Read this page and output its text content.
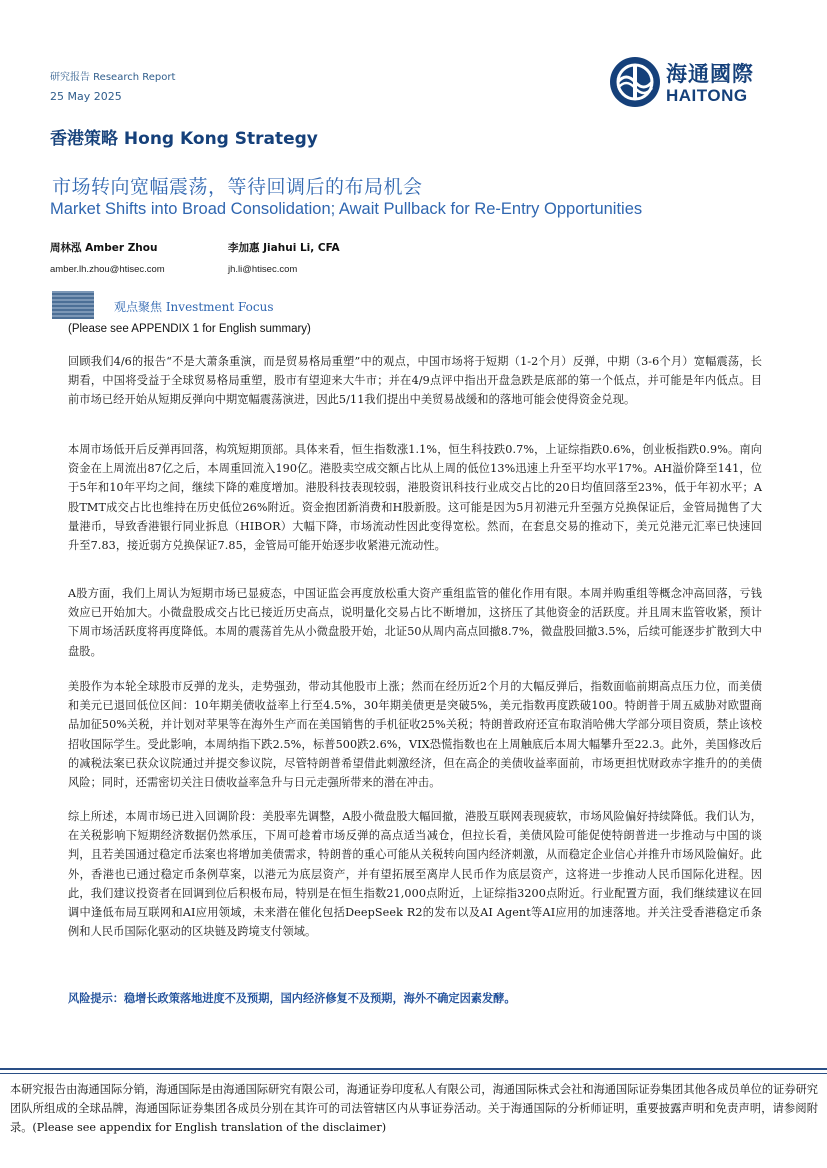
研究报告 Research Report
25 May 2025
海通國際
HAITONG
香港策略 Hong Kong Strategy
市场转向宽幅震荡，等待回调后的布局机会
Market Shifts into Broad Consolidation; Await Pullback for Re-Entry Opportunities
周林泓 Amber Zhou	李加惠 Jiahui Li, CFA
amber.lh.zhou@htisec.com	jh.li@htisec.com
观点聚焦 Investment Focus
(Please see APPENDIX 1 for English summary)

回顾我们4/6的报告“不是大萧条重演，而是贸易格局重塑”中的观点，中国市场将于短期（1-2个月）反弹，中期（3-6个月）宽幅震荡，长期看，中国将受益于全球贸易格局重塑，股市有望迎来大牛市；并在4/9点评中指出开盘急跌是底部的第一个低点，并可能是年内低点。目前市场已经开始从短期反弹向中期宽幅震荡演进，因此5/11我们提出中美贸易战缓和的落地可能会使得资金兑现。

本周市场低开后反弹再回落，构筑短期顶部。具体来看，恒生指数涨1.1%，恒生科技跌0.7%，上证综指跌0.6%，创业板指跌0.9%。南向资金在上周流出87亿之后，本周重回流入190亿。港股卖空成交额占比从上周的低位13%迅速上升至平均水平17%。AH溢价降至141，位于5年和10年平均之间，继续下降的难度增加。港股科技表现较弱，港股资讯科技行业成交占比的20日均值回落至23%，低于年初水平；A股TMT成交占比也维持在历史低位26%附近。资金抱团新消费和H股新股。这可能是因为5月初港元升至强方兑换保证后，金管局抛售了大量港币，导致香港银行同业拆息（HIBOR）大幅下降，市场流动性因此变得宽松。然而，在套息交易的推动下，美元兑港元汇率已快速回升至7.83，接近弱方兑换保证7.85，金管局可能开始逐步收紧港元流动性。

A股方面，我们上周认为短期市场已显疲态，中国证监会再度放松重大资产重组监管的催化作用有限。本周并购重组等概念冲高回落，亏钱效应已开始加大。小微盘股成交占比已接近历史高点，说明量化交易占比不断增加，这挤压了其他资金的活跃度。并且周末监管收紧，预计下周市场活跃度将再度降低。本周的震荡首先从小微盘股开始，北证50从周内高点回撤8.7%，微盘股回撤3.5%，后续可能逐步扩散到大中盘股。

美股作为本轮全球股市反弹的龙头，走势强劲，带动其他股市上涨；然而在经历近2个月的大幅反弹后，指数面临前期高点压力位，而美债和美元已退回低位区间：10年期美债收益率上行至4.5%，30年期美债更是突破5%，美元指数再度跌破100。特朗普于周五威胁对欧盟商品加征50%关税，并计划对苹果等在海外生产而在美国销售的手机征收25%关税；特朗普政府还宣布取消哈佛大学部分项目资质，禁止该校招收国际学生。受此影响，本周纳指下跌2.5%，标普500跌2.6%，VIX恐慌指数也在上周触底后本周大幅攀升至22.3。此外，美国修改后的减税法案已获众议院通过并提交参议院，尽管特朗普希望借此刺激经济，但在高企的美债收益率面前，市场更担忧财政赤字推升的的美债风险；同时，还需密切关注日债收益率急升与日元走强所带来的潜在冲击。

综上所述，本周市场已进入回调阶段：美股率先调整，A股小微盘股大幅回撤，港股互联网表现疲软，市场风险偏好持续降低。我们认为，在关税影响下短期经济数据仍然承压，下周可趁着市场反弹的高点适当减仓，但拉长看，美债风险可能促使特朗普进一步推动与中国的谈判，且若美国通过稳定币法案也将增加美债需求，特朗普的重心可能从关税转向国内经济刺激，从而稳定企业信心并推升市场风险偏好。此外，香港也已通过稳定币条例草案，以港元为底层资产，并有望拓展至离岸人民币作为底层资产，这将进一步推动人民币国际化进程。因此，我们建议投资者在回调到位后积极布局，特别是在恒生指数21,000点附近，上证综指3200点附近。行业配置方面，我们继续建议在回调中逢低布局互联网和AI应用领域，未来潜在催化包括DeepSeek R2的发布以及AI Agent等AI应用的加速落地。并关注受香港稳定币条例和人民币国际化驱动的区块链及跨境支付领域。

风险提示：稳增长政策落地进度不及预期，国内经济修复不及预期，海外不确定因素发酵。

本研究报告由海通国际分销，海通国际是由海通国际研究有限公司，海通证券印度私人有限公司，海通国际株式会社和海通国际证券集团其他各成员单位的证券研究团队所组成的全球品牌，海通国际证券集团各成员分别在其许可的司法管辖区内从事证券活动。关于海通国际的分析师证明，重要披露声明和免责声明，请参阅附录。(Please see appendix for English translation of the disclaimer)
